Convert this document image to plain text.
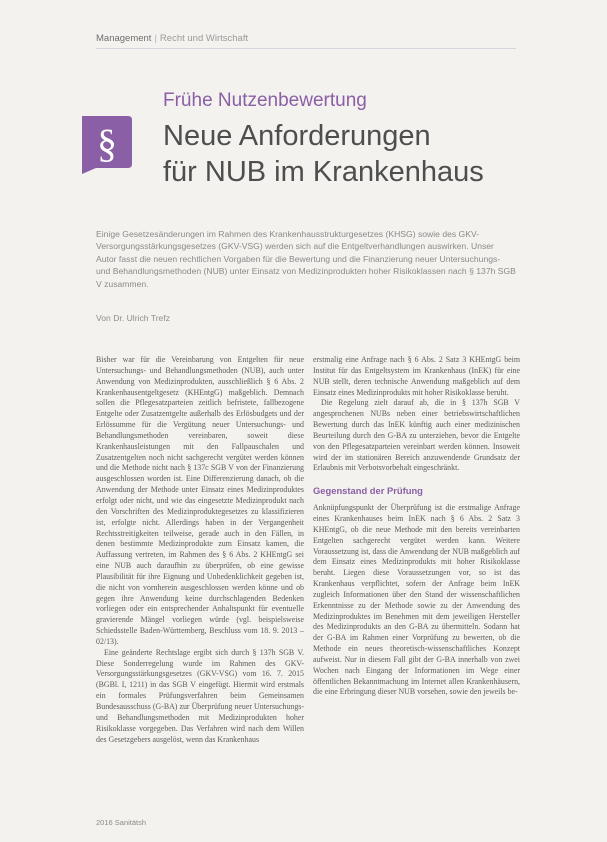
Management | Recht und Wirtschaft
Frühe Nutzenbewertung
§ Neue Anforderungen
für NUB im Krankenhaus
Einige Gesetzesänderungen im Rahmen des Krankenhausstrukturgesetzes (KHSG) sowie des GKV-Versorgungsstärkungsgesetzes (GKV-VSG) werden sich auf die Entgeltverhandlungen auswirken. Unser Autor fasst die neuen rechtlichen Vorgaben für die Bewertung und die Finanzierung neuer Untersuchungs- und Behandlungsmethoden (NUB) unter Einsatz von Medizinprodukten hoher Risikoklassen nach § 137h SGB V zusammen.
Von Dr. Ulrich Trefz

Bisher war für die Vereinbarung von Entgelten für neue Untersuchungs- und Behandlungsmethoden (NUB), auch unter Anwendung von Medizinprodukten, ausschließlich § 6 Abs. 2 Krankenhausentgeltgesetz (KHEntgG) maßgeblich. Demnach sollen die Pflegesatzparteien zeitlich befristete, fallbezogene Entgelte oder Zusatzentgelte außerhalb des Erlösbudgets und der Erlössumme für die Vergütung neuer Untersuchungs- und Behandlungsmethoden vereinbaren, soweit diese Krankenhausleistungen mit den Fallpauschalen und Zusatzentgelten noch nicht sachgerecht vergütet werden können und die Methode nicht nach § 137c SGB V von der Finanzierung ausgeschlossen worden ist. Eine Differenzierung danach, ob die Anwendung der Methode unter Einsatz eines Medizinproduktes erfolgt oder nicht, und wie das eingesetzte Medizinprodukt nach den Vorschriften des Medizinproduktegesetzes zu klassifizieren ist, erfolgte nicht. Allerdings haben in der Vergangenheit Rechtsstreitigkeiten teilweise, gerade auch in den Fällen, in denen bestimmte Medizinprodukte zum Einsatz kamen, die Auffassung vertreten, im Rahmen des § 6 Abs. 2 KHEntgG sei eine NUB auch daraufhin zu überprüfen, ob eine gewisse Plausibilität für ihre Eignung und Unbedenklichkeit gegeben ist, die nicht von vornherein ausgeschlossen werden könne und ob gegen ihre Anwendung keine durchschlagenden Bedenken vorliegen oder ein entsprechender Anhaltspunkt für eventuelle gravierende Mängel vorliegen würde (vgl. beispielsweise Schiedsstelle Baden-Württemberg, Beschluss vom 18. 9. 2013 – 02/13).

Eine geänderte Rechtslage ergibt sich durch § 137h SGB V. Diese Sonderregelung wurde im Rahmen des GKV-Versorgungsstärkungsgesetzes (GKV-VSG) vom 16. 7. 2015 (BGBl. I, 1211) in das SGB V eingefügt. Hiermit wird erstmals ein formales Prüfungsverfahren beim Gemeinsamen Bundesausschuss (G-BA) zur Überprüfung neuer Untersuchungs- und Behandlungsmethoden mit Medizinprodukten hoher Risikoklasse vorgegeben. Das Verfahren wird nach dem Willen des Gesetzgebers ausgelöst, wenn das Krankenhaus

erstmalig eine Anfrage nach § 6 Abs. 2 Satz 3 KHEntgG beim Institut für das Entgeltsystem im Krankenhaus (InEK) für eine NUB stellt, deren technische Anwendung maßgeblich auf dem Einsatz eines Medizinprodukts mit hoher Risikoklasse beruht.

Die Regelung zielt darauf ab, die in § 137h SGB V angesprochenen NUBs neben einer betriebswirtschaftlichen Bewertung durch das InEK künftig auch einer medizinischen Beurteilung durch den G-BA zu unterziehen, bevor die Entgelte von den Pflegesatzparteien vereinbart werden können. Insoweit wird der im stationären Bereich anzuwendende Grundsatz der Erlaubnis mit Verbotsvorbehalt eingeschränkt.

Gegenstand der Prüfung

Anknüpfungspunkt der Überprüfung ist die erstmalige Anfrage eines Krankenhauses beim InEK nach § 6 Abs. 2 Satz 3 KHEntgG, ob die neue Methode mit den bereits vereinbarten Entgelten sachgerecht vergütet werden kann. Weitere Voraussetzung ist, dass die Anwendung der NUB maßgeblich auf dem Einsatz eines Medizinprodukts mit hoher Risikoklasse beruht. Liegen diese Voraussetzungen vor, so ist das Krankenhaus verpflichtet, sofern der Anfrage beim InEK zugleich Informationen über den Stand der wissenschaftlichen Erkenntnisse zu der Methode sowie zu der Anwendung des Medizinproduktes im Benehmen mit dem jeweiligen Hersteller des Medizinprodukts an den G-BA zu übermitteln. Sodann hat der G-BA im Rahmen einer Vorprüfung zu bewerten, ob die Methode ein neues theoretisch-wissenschaftliches Konzept aufweist. Nur in diesem Fall gibt der G-BA innerhalb von zwei Wochen nach Eingang der Informationen im Wege einer öffentlichen Bekanntmachung im Internet allen Krankenhäusern, die eine Erbringung dieser NUB vorsehen, sowie den jeweils be-

2016 Sanitätsh
